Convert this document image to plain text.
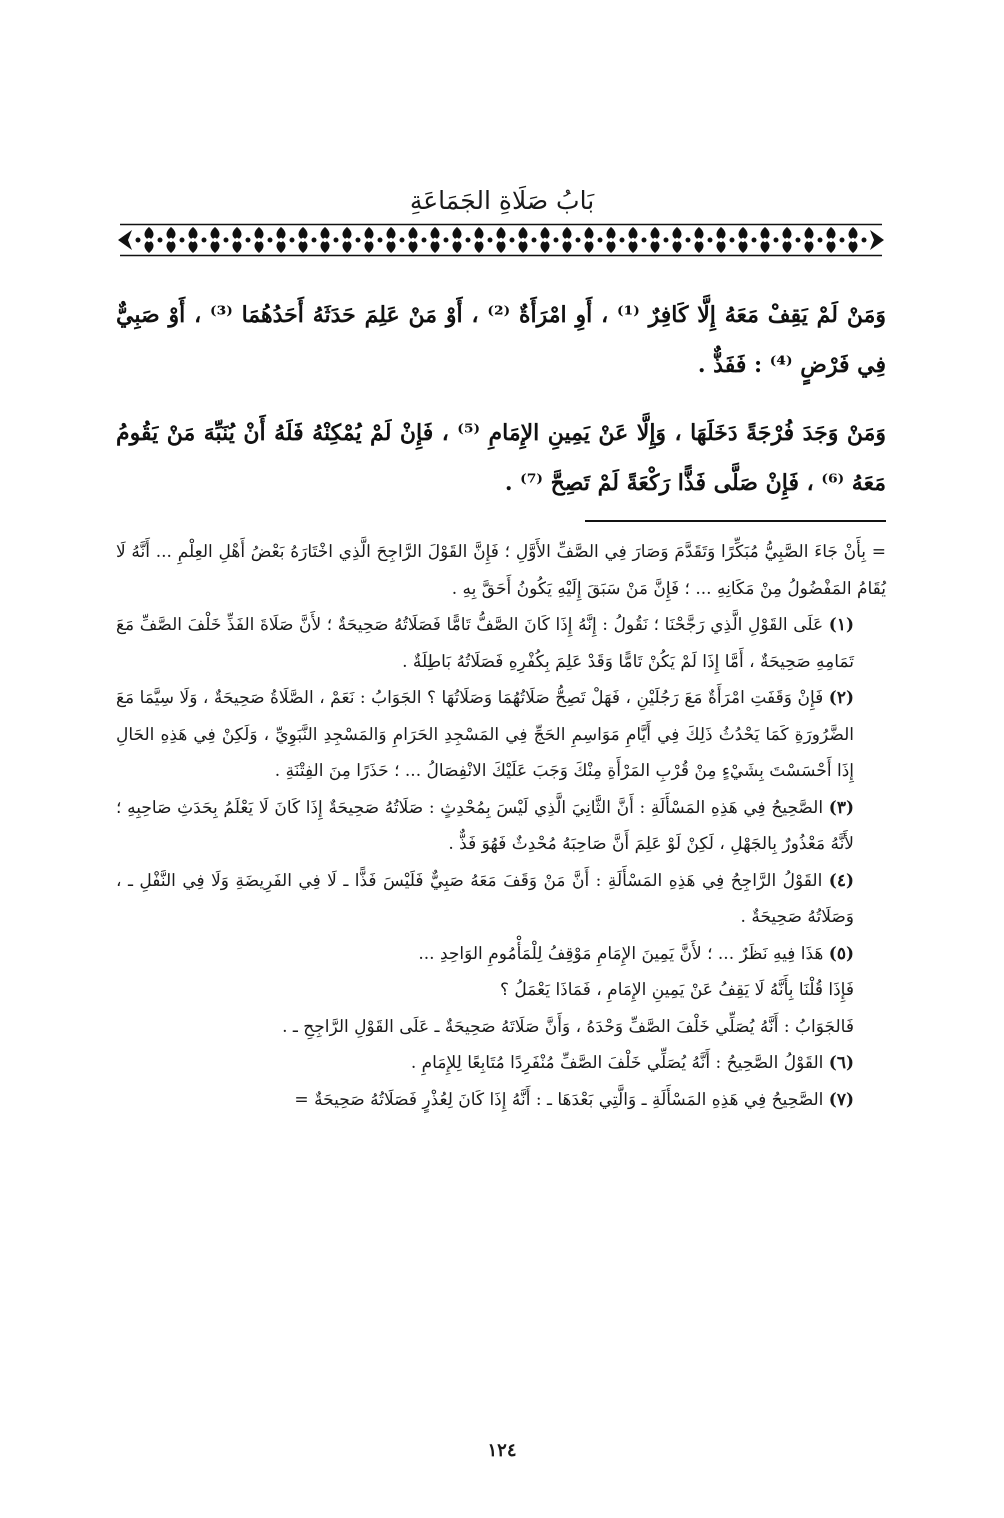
بَابُ صَلَاةِ الجَمَاعَةِ

وَمَنْ لَمْ يَقِفْ مَعَهُ إِلَّا كَافِرٌ ⁽¹⁾ ، أَوِ امْرَأَةٌ ⁽²⁾ ، أَوْ مَنْ عَلِمَ حَدَثَهُ أَحَدُهُمَا ⁽³⁾ ، أَوْ صَبِيٌّ فِي فَرْضٍ ⁽⁴⁾ : فَفَذٌّ .

وَمَنْ وَجَدَ فُرْجَةً دَخَلَهَا ، وَإِلَّا عَنْ يَمِينِ الإِمَامِ ⁽⁵⁾ ، فَإِنْ لَمْ يُمْكِنْهُ فَلَهُ أَنْ يُنَبِّهَ مَنْ يَقُومُ مَعَهُ ⁽⁶⁾ ، فَإِنْ صَلَّى فَذًّا رَكْعَةً لَمْ تَصِحَّ ⁽⁷⁾ .

= بِأَنْ جَاءَ الصَّبِيُّ مُبَكِّرًا وَتَقَدَّمَ وَصَارَ فِي الصَّفِّ الأَوَّلِ ؛ فَإِنَّ القَوْلَ الرَّاجِحَ الَّذِي اخْتَارَهُ بَعْضُ أَهْلِ العِلْمِ ... أَنَّهُ لَا يُقَامُ المَفْضُولُ مِنْ مَكَانِهِ ... ؛ فَإِنَّ مَنْ سَبَقَ إِلَيْهِ يَكُونُ أَحَقَّ بِهِ .

(١) عَلَى القَوْلِ الَّذِي رَجَّحْنَا ؛ نَقُولُ : إِنَّهُ إِذَا كَانَ الصَّفُّ تَامًّا فَصَلَاتُهُ صَحِيحَةٌ ؛ لأَنَّ صَلَاةَ الفَذِّ خَلْفَ الصَّفِّ مَعَ تَمَامِهِ صَحِيحَةٌ ، أَمَّا إِذَا لَمْ يَكُنْ تَامًّا وَقَدْ عَلِمَ بِكُفْرِهِ فَصَلَاتُهُ بَاطِلَةٌ .

(٢) فَإِنْ وَقَفَتِ امْرَأَةٌ مَعَ رَجُلَيْنِ ، فَهَلْ تَصِحُّ صَلَاتُهُمَا وَصَلَاتُهَا ؟ الجَوَابُ : نَعَمْ ، الصَّلَاةُ صَحِيحَةٌ ، وَلَا سِيَّمَا مَعَ الضَّرُورَةِ كَمَا يَحْدُثُ ذَلِكَ فِي أَيَّامِ مَوَاسِمِ الحَجِّ فِي المَسْجِدِ الحَرَامِ وَالمَسْجِدِ النَّبَوِيِّ ، وَلَكِنْ فِي هَذِهِ الحَالِ إِذَا أَحْسَسْتَ بِشَيْءٍ مِنْ قُرْبِ المَرْأَةِ مِنْكَ وَجَبَ عَلَيْكَ الانْفِصَالُ ... ؛ حَذَرًا مِنَ الفِتْنَةِ .

(٣) الصَّحِيحُ فِي هَذِهِ المَسْأَلَةِ : أَنَّ الثَّانِيَ الَّذِي لَيْسَ بِمُحْدِثٍ : صَلَاتُهُ صَحِيحَةٌ إِذَا كَانَ لَا يَعْلَمُ بِحَدَثِ صَاحِبِهِ ؛ لأَنَّهُ مَعْذُورٌ بِالجَهْلِ ، لَكِنْ لَوْ عَلِمَ أَنَّ صَاحِبَهُ مُحْدِثٌ فَهُوَ فَذٌّ .

(٤) القَوْلُ الرَّاجِحُ فِي هَذِهِ المَسْأَلَةِ : أَنَّ مَنْ وَقَفَ مَعَهُ صَبِيٌّ فَلَيْسَ فَذًّا ـ لَا فِي الفَرِيضَةِ وَلَا فِي النَّفْلِ ـ ، وَصَلَاتُهُ صَحِيحَةٌ .

(٥) هَذَا فِيهِ نَظَرٌ ... ؛ لأَنَّ يَمِينَ الإِمَامِ مَوْقِفُ لِلْمَأْمُومِ الوَاحِدِ ...

فَإِذَا قُلْنَا بِأَنَّهُ لَا يَقِفُ عَنْ يَمِينِ الإِمَامِ ، فَمَاذَا يَعْمَلُ ؟

فَالجَوَابُ : أَنَّهُ يُصَلِّي خَلْفَ الصَّفِّ وَحْدَهُ ، وَأَنَّ صَلَاتَهُ صَحِيحَةٌ ـ عَلَى القَوْلِ الرَّاجِحِ ـ .

(٦) القَوْلُ الصَّحِيحُ : أَنَّهُ يُصَلِّي خَلْفَ الصَّفِّ مُنْفَرِدًا مُتَابِعًا لِلإِمَامِ .

(٧) الصَّحِيحُ فِي هَذِهِ المَسْأَلَةِ ـ وَالَّتِي بَعْدَهَا ـ : أَنَّهُ إِذَا كَانَ لِعُذْرٍ فَصَلَاتُهُ صَحِيحَةٌ =

١٢٤
